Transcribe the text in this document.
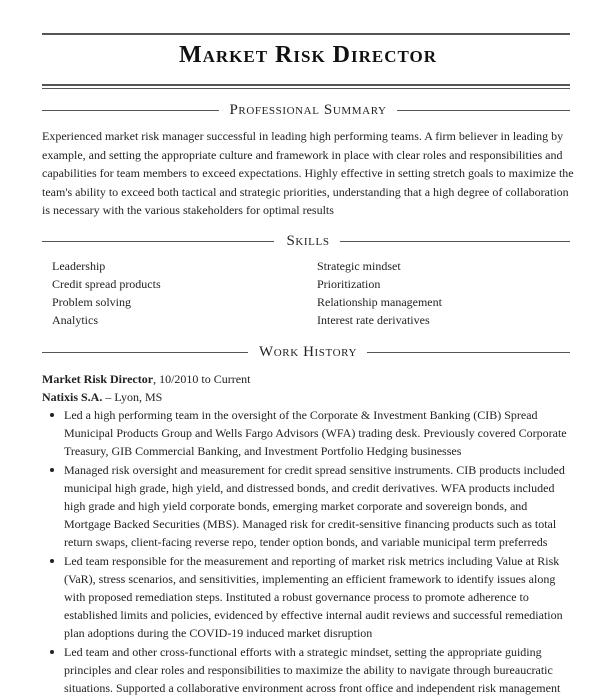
Market Risk Director
Professional Summary
Experienced market risk manager successful in leading high performing teams. A firm believer in leading by example, and setting the appropriate culture and framework in place with clear roles and responsibilities and capabilities for team members to exceed expectations. Highly effective in setting stretch goals to maximize the team's ability to exceed both tactical and strategic priorities, understanding that a high degree of collaboration is necessary with the various stakeholders for optimal results
Skills
Leadership
Credit spread products
Problem solving
Analytics
Strategic mindset
Prioritization
Relationship management
Interest rate derivatives
Work History
Market Risk Director, 10/2010 to Current
Natixis S.A. – Lyon, MS
Led a high performing team in the oversight of the Corporate & Investment Banking (CIB) Spread Municipal Products Group and Wells Fargo Advisors (WFA) trading desk. Previously covered Corporate Treasury, GIB Commercial Banking, and Investment Portfolio Hedging businesses
Managed risk oversight and measurement for credit spread sensitive instruments. CIB products included municipal high grade, high yield, and distressed bonds, and credit derivatives. WFA products included high grade and high yield corporate bonds, emerging market corporate and sovereign bonds, and Mortgage Backed Securities (MBS). Managed risk for credit-sensitive financing products such as total return swaps, client-facing reverse repo, tender option bonds, and variable municipal term preferreds
Led team responsible for the measurement and reporting of market risk metrics including Value at Risk (VaR), stress scenarios, and sensitivities, implementing an efficient framework to identify issues along with proposed remediation steps. Instituted a robust governance process to promote adherence to established limits and policies, evidenced by effective internal audit reviews and successful remediation plan adoptions during the COVID-19 induced market disruption
Led team and other cross-functional efforts with a strategic mindset, setting the appropriate guiding principles and clear roles and responsibilities to maximize the ability to navigate through bureaucratic situations. Supported a collaborative environment across front office and independent risk management
